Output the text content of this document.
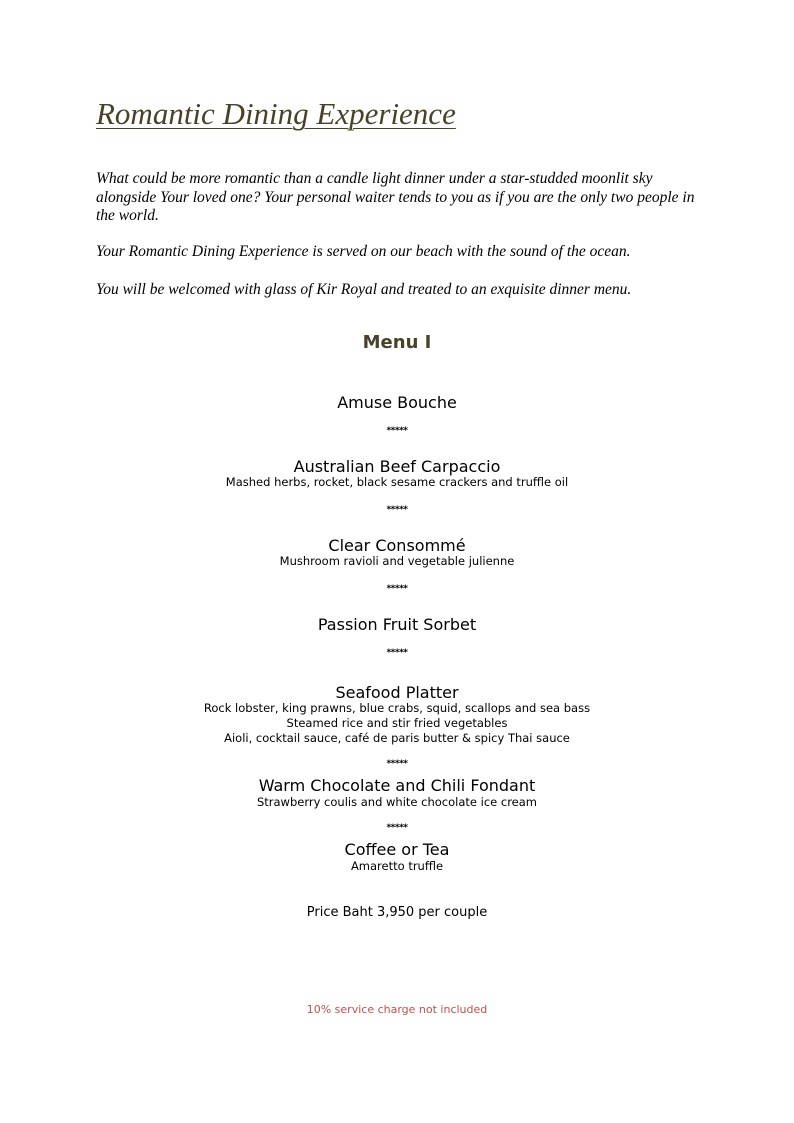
Romantic Dining Experience

What could be more romantic than a candle light dinner under a star-studded moonlit sky alongside Your loved one? Your personal waiter tends to you as if you are the only two people in the world.

Your Romantic Dining Experience is served on our beach with the sound of the ocean.

You will be welcomed with glass of Kir Royal and treated to an exquisite dinner menu.

Menu I
Amuse Bouche
*****
Australian Beef Carpaccio
Mashed herbs, rocket, black sesame crackers and truffle oil
*****
Clear Consommé
Mushroom ravioli and vegetable julienne
*****
Passion Fruit Sorbet
*****
Seafood Platter
Rock lobster, king prawns, blue crabs, squid, scallops and sea bass
Steamed rice and stir fried vegetables
Aioli, cocktail sauce, café de paris butter & spicy Thai sauce
*****
Warm Chocolate and Chili Fondant
Strawberry coulis and white chocolate ice cream
*****
Coffee or Tea
Amaretto truffle
Price Baht 3,950 per couple
10% service charge not included
